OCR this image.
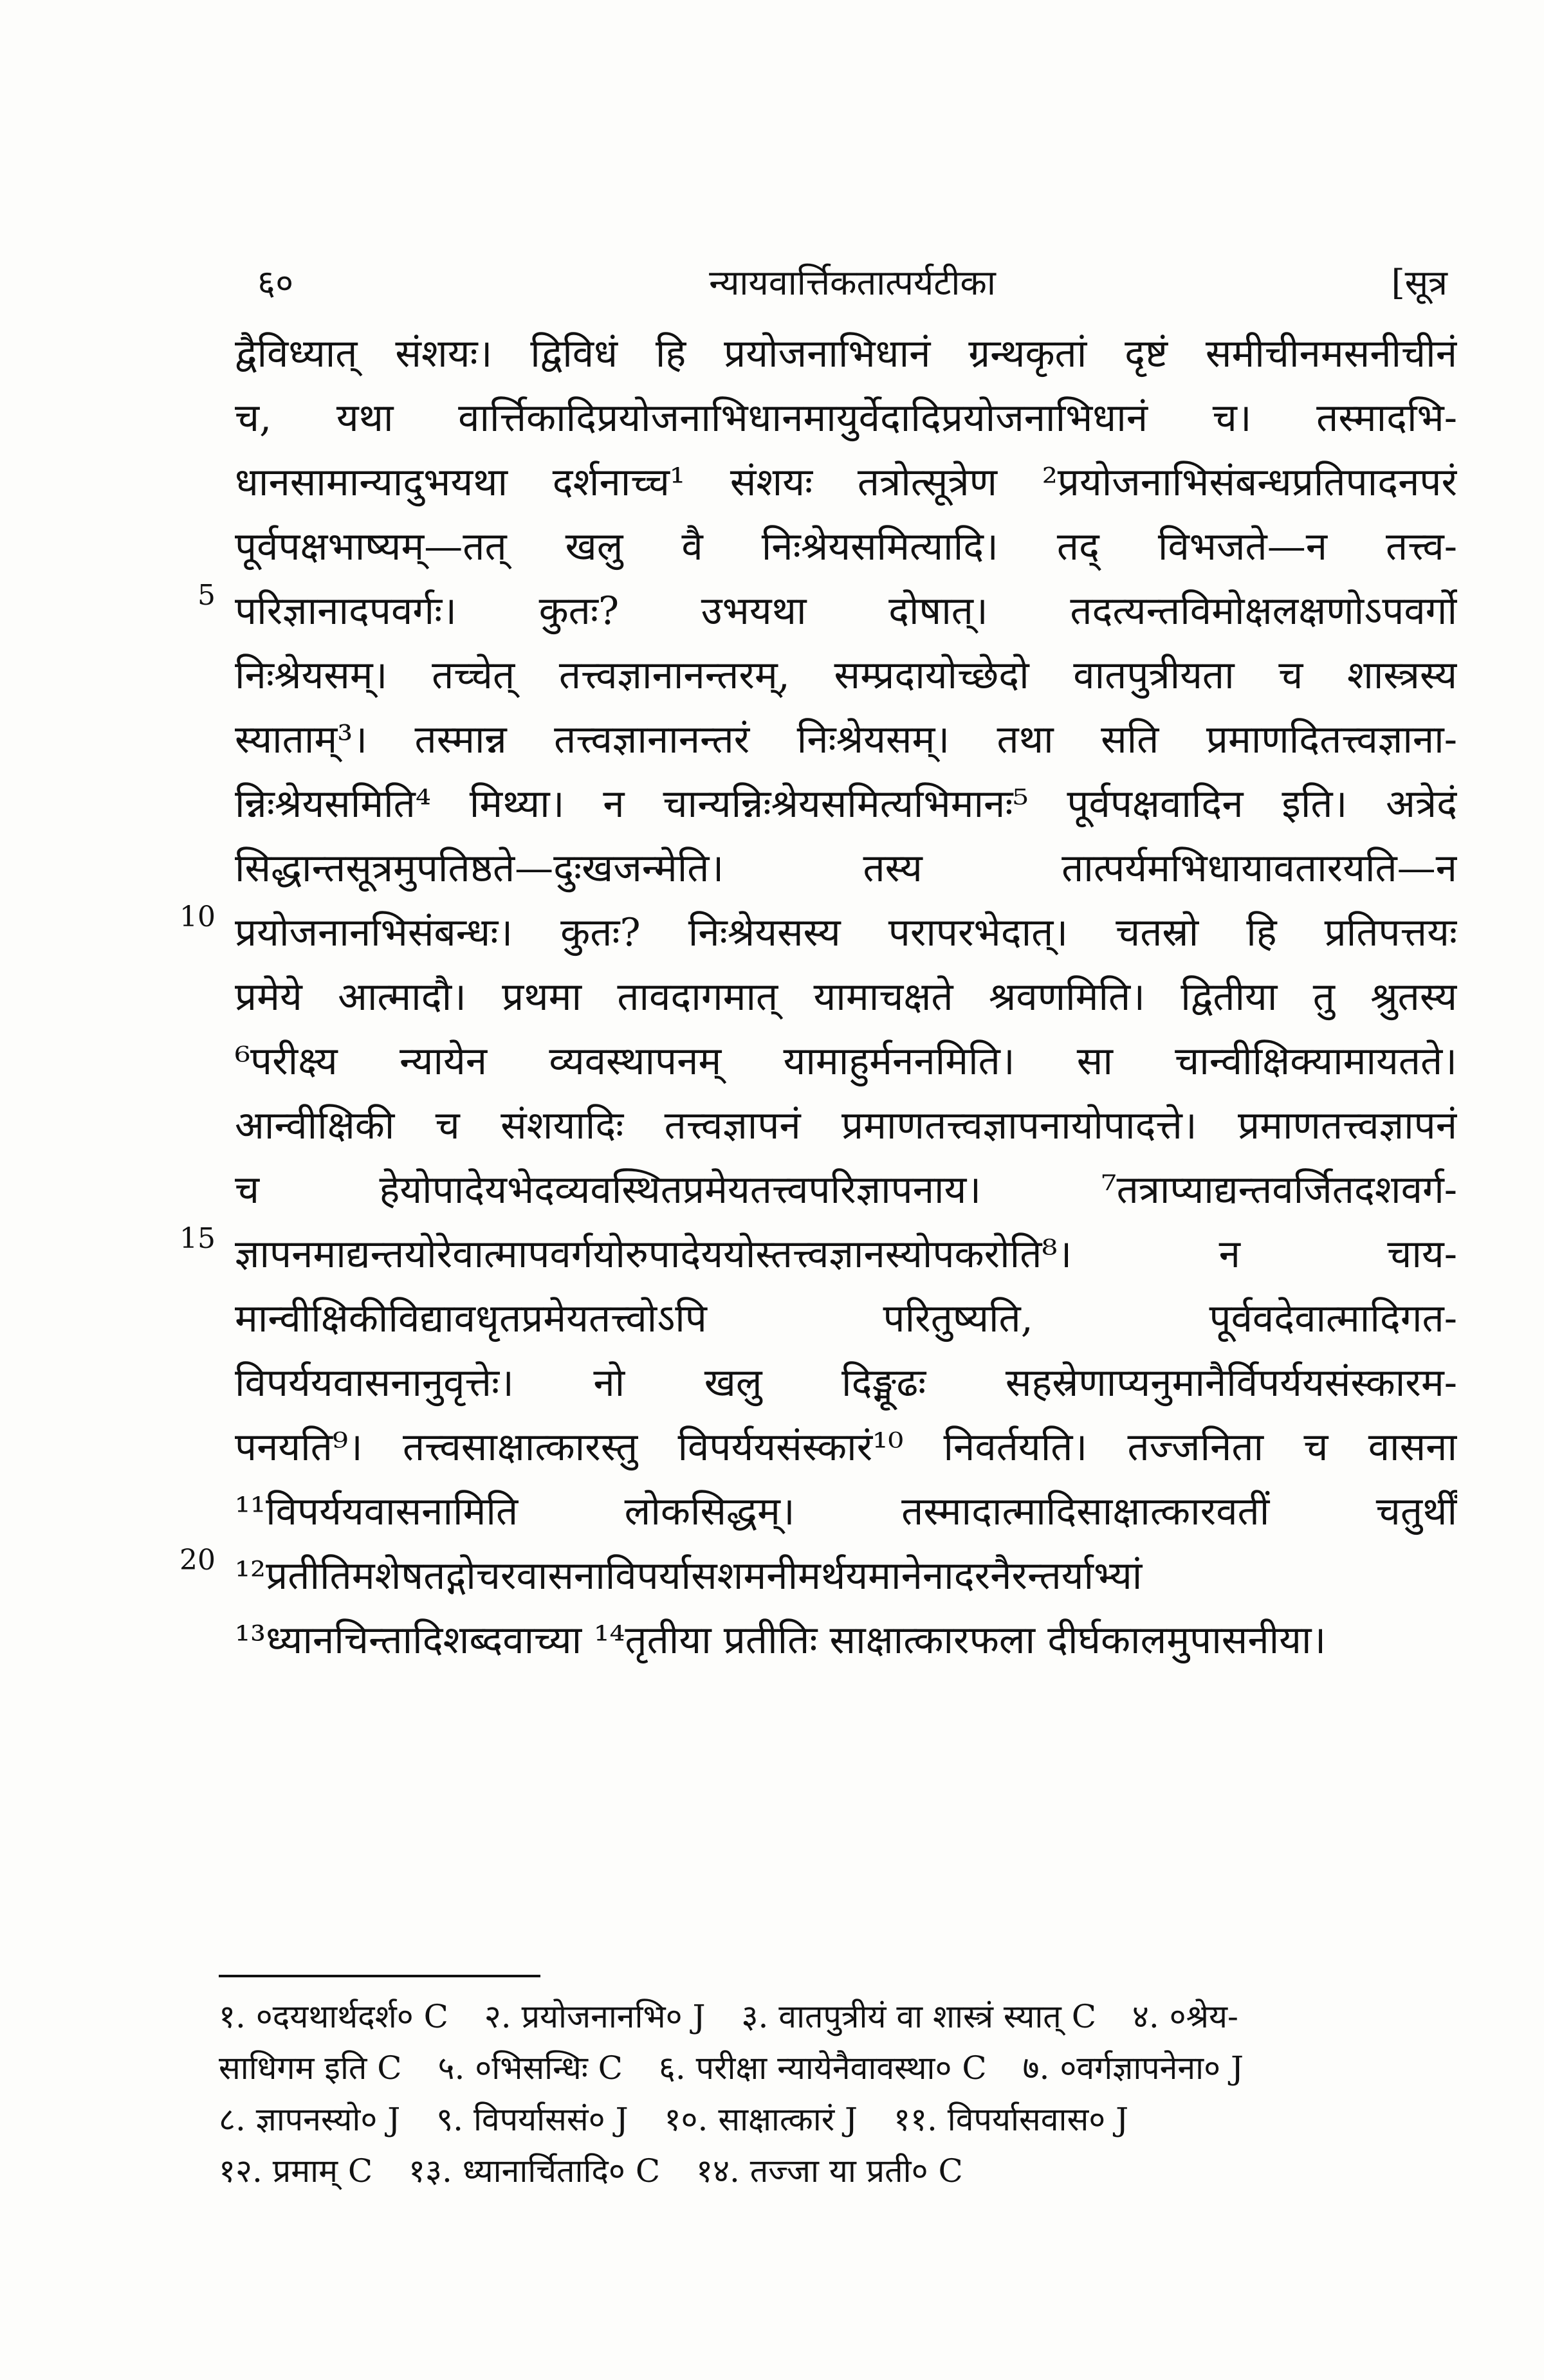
६०	न्यायवार्त्तिकतात्पर्यटीका	[सूत्र
5
10
15
20
द्वैविध्यात् संशयः। द्विविधं हि प्रयोजनाभिधानं ग्रन्थकृतां दृष्टं समीचीनमसनीचीनं
च, यथा वार्त्तिकादिप्रयोजनाभिधानमायुर्वेदादिप्रयोजनाभिधानं च। तस्मादभि-
धानसामान्यादुभयथा दर्शनाच्च¹ संशयः तत्रोत्सूत्रेण ²प्रयोजनाभिसंबन्धप्रतिपादनपरं
पूर्वपक्षभाष्यम्—तत् खलु वै निःश्रेयसमित्यादि। तद् विभजते—न तत्त्व-
परिज्ञानादपवर्गः। कुतः? उभयथा दोषात्। तदत्यन्तविमोक्षलक्षणोऽपवर्गो
निःश्रेयसम्। तच्चेत् तत्त्वज्ञानानन्तरम्, सम्प्रदायोच्छेदो वातपुत्रीयता च शास्त्रस्य
स्याताम्³। तस्मान्न तत्त्वज्ञानानन्तरं निःश्रेयसम्। तथा सति प्रमाणदितत्त्वज्ञाना-
न्निःश्रेयसमिति⁴ मिथ्या। न चान्यन्निःश्रेयसमित्यभिमानः⁵ पूर्वपक्षवादिन इति। अत्रेदं
सिद्धान्तसूत्रमुपतिष्ठते—दुःखजन्मेति। तस्य तात्पर्यमभिधायावतारयति—न
प्रयोजनानभिसंबन्धः। कुतः? निःश्रेयसस्य परापरभेदात्। चतस्रो हि प्रतिपत्तयः
प्रमेये आत्मादौ। प्रथमा तावदागमात् यामाचक्षते श्रवणमिति। द्वितीया तु श्रुतस्य
⁶परीक्ष्य न्यायेन व्यवस्थापनम् यामाहुर्मननमिति। सा चान्वीक्षिक्यामायतते।
आन्वीक्षिकी च संशयादिः तत्त्वज्ञापनं प्रमाणतत्त्वज्ञापनायोपादत्ते। प्रमाणतत्त्वज्ञापनं
च हेयोपादेयभेदव्यवस्थितप्रमेयतत्त्वपरिज्ञापनाय। ⁷तत्राप्याद्यन्तवर्जितदशवर्ग-
ज्ञापनमाद्यन्तयोरेवात्मापवर्गयोरुपादेययोस्तत्त्वज्ञानस्योपकरोति⁸। न चाय-
मान्वीक्षिकीविद्यावधृतप्रमेयतत्त्वोऽपि परितुष्यति, पूर्ववदेवात्मादिगत-
विपर्ययवासनानुवृत्तेः। नो खलु दिङ्मूढः सहस्रेणाप्यनुमानैर्विपर्ययसंस्कारम-
पनयति⁹। तत्त्वसाक्षात्कारस्तु विपर्ययसंस्कारं¹⁰ निवर्तयति। तज्जनिता च वासना
¹¹विपर्ययवासनामिति लोकसिद्धम्। तस्मादात्मादिसाक्षात्कारवतीं चतुर्थीं
¹²प्रतीतिमशेषतद्गोचरवासनाविपर्यासशमनीमर्थयमानेनादरनैरन्तर्याभ्यां
¹³ध्यानचिन्तादिशब्दवाच्या ¹⁴तृतीया प्रतीतिः साक्षात्कारफला दीर्घकालमुपासनीया।
१. ०दयथार्थदर्श० C २. प्रयोजनानभि० J ३. वातपुत्रीयं वा शास्त्रं स्यात् C ४. ०श्रेय-
साधिगम इति C ५. ०भिसन्धिः C ६. परीक्षा न्यायेनैवावस्था० C ७. ०वर्गज्ञापनेना० J
८. ज्ञापनस्यो० J ९. विपर्याससं० J १०. साक्षात्कारं J ११. विपर्यासवास० J
१२. प्रमाम् C १३. ध्यानार्चितादि० C १४. तज्जा या प्रती० C
